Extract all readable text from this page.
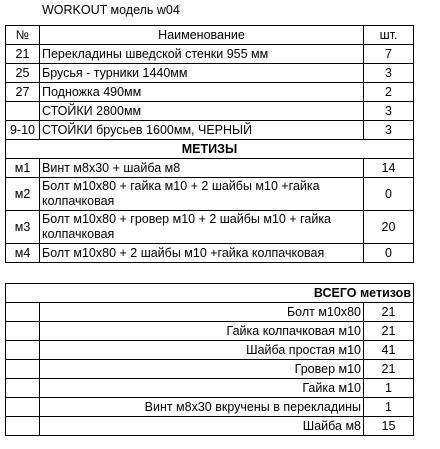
WORKOUT модель w04
№	Наименование	шт.
21	Перекладины шведской стенки 955 мм	7
25	Брусья - турники 1440мм	3
27	Подножка 490мм	2
	СТОЙКИ 2800мм	3
9-10	СТОЙКИ брусьев 1600мм, ЧЕРНЫЙ	3
МЕТИЗЫ		
м1	Винт м8х30 + шайба м8	14
м2	Болт м10х80 + гайка м10 + 2 шайбы м10 +гайка колпачковая	0
м3	Болт м10х80 + гровер м10 + 2 шайбы м10 + гайка колпачковая	20
м4	Болт м10х80 + 2 шайбы м10 +гайка колпачковая	0
ВСЕГО метизов		
	Болт м10х80	21
	Гайка колпачковая м10	21
	Шайба простая м10	41
	Гровер м10	21
	Гайка м10	1
	Винт м8х30 вкручены в перекладины	1
	Шайба м8	15
